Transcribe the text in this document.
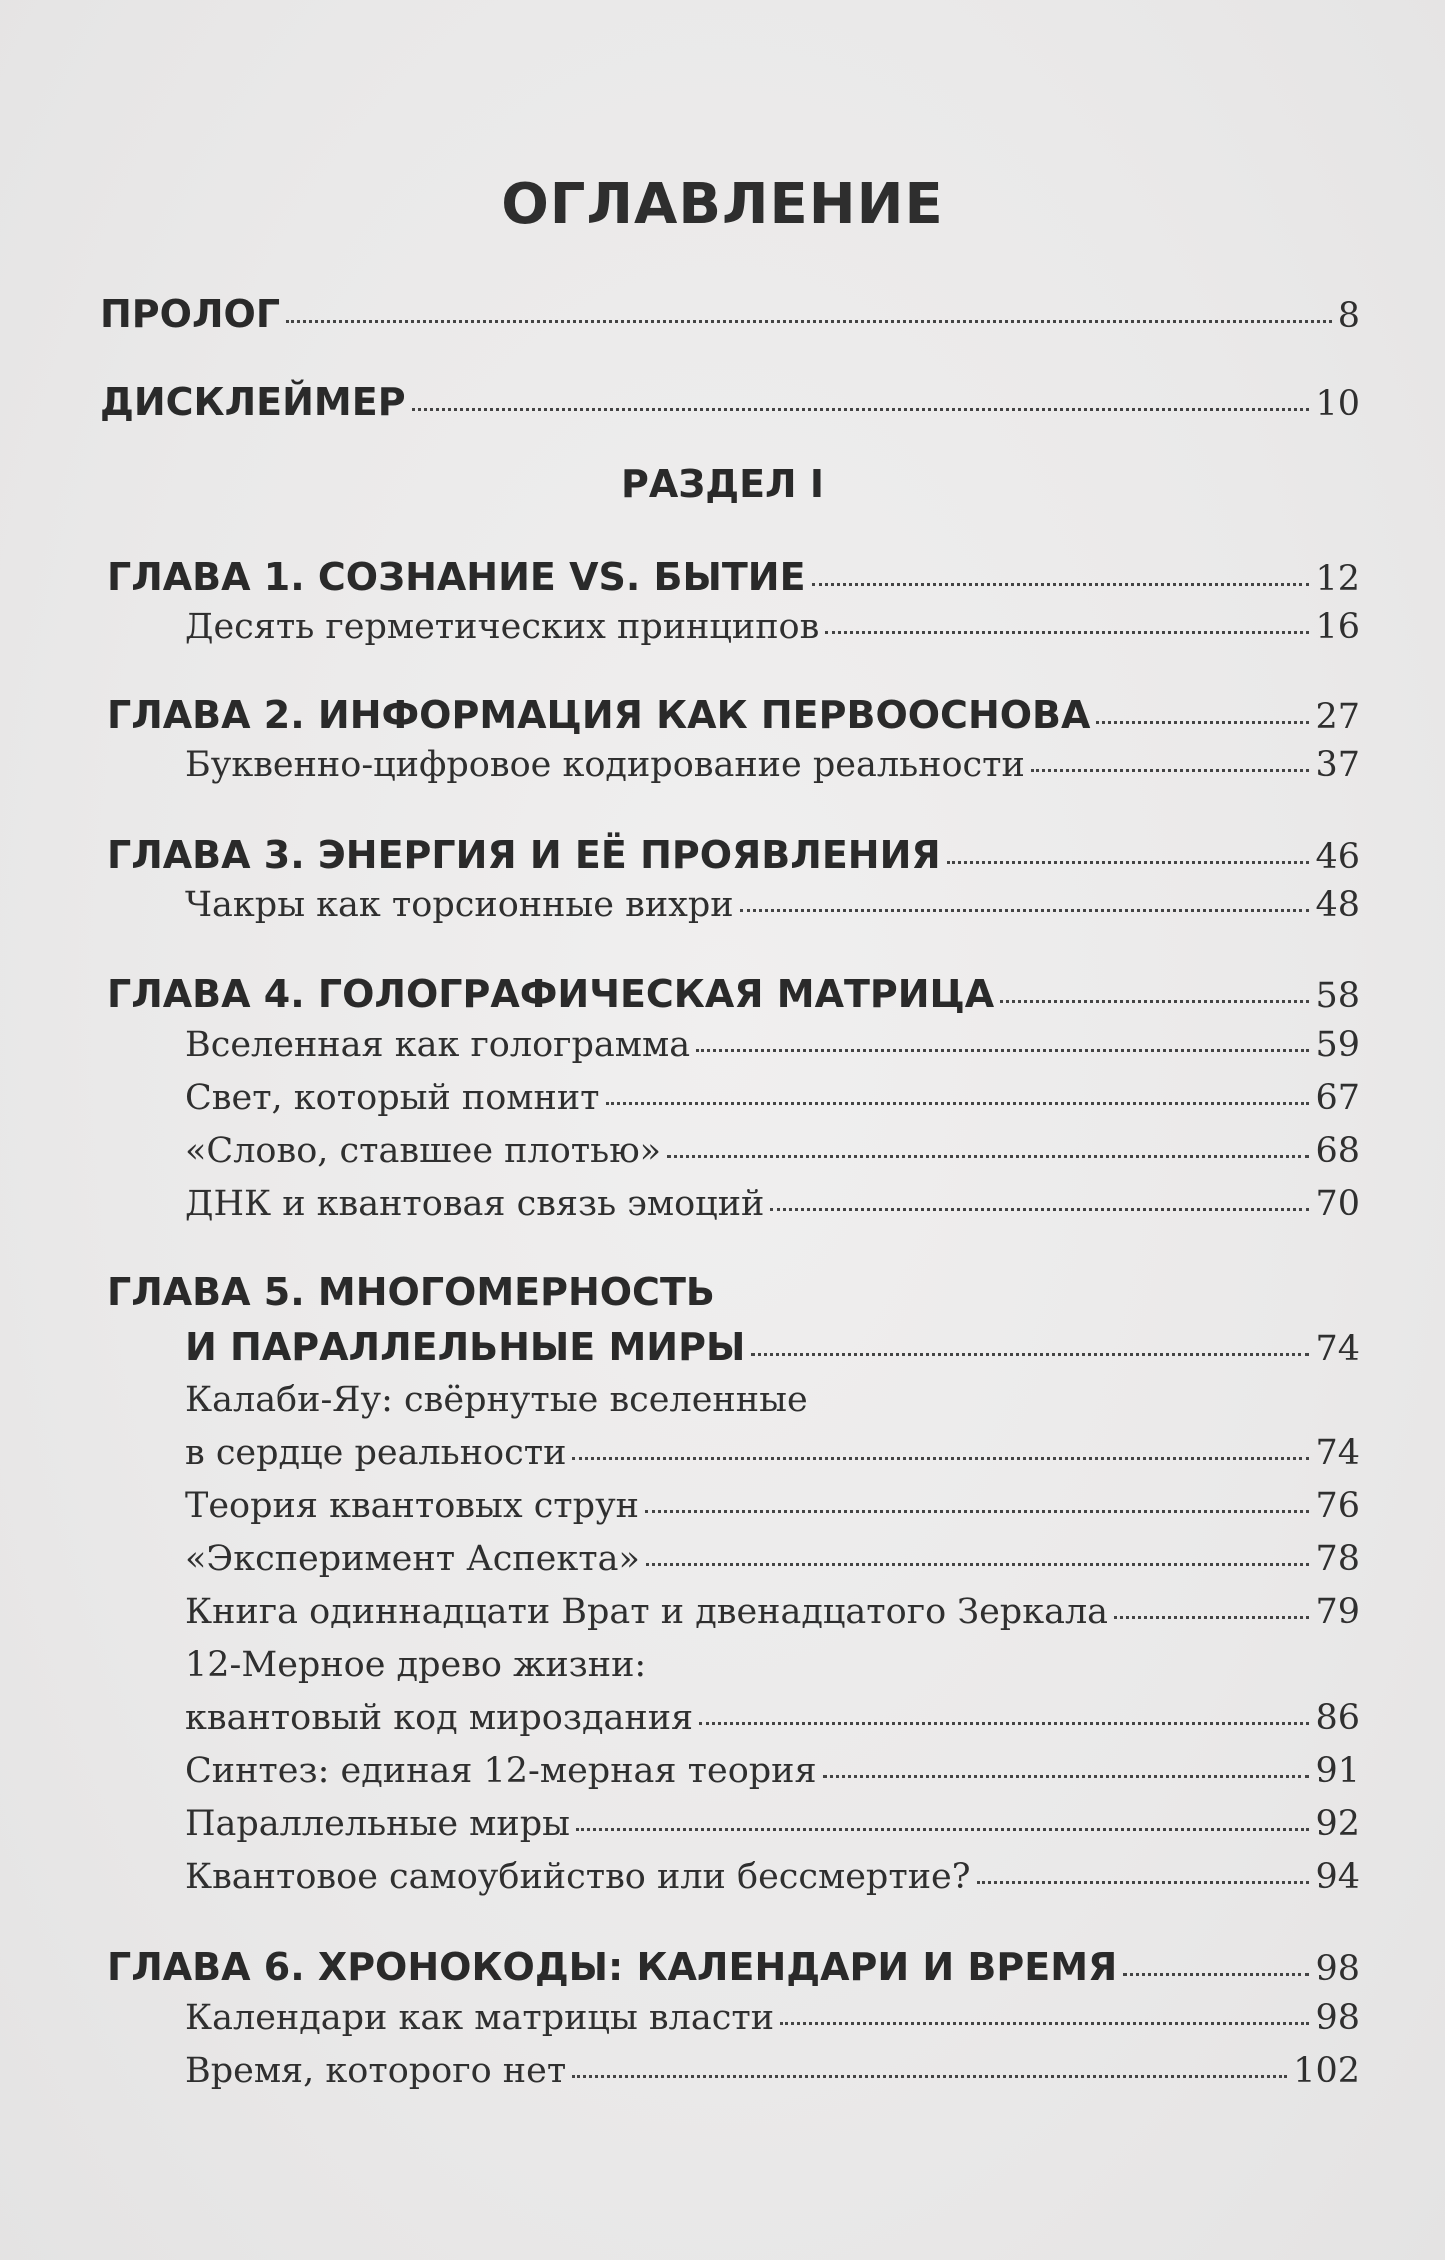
ОГЛАВЛЕНИЕ
ПРОЛОГ	8
ДИСКЛЕЙМЕР	10
РАЗДЕЛ I
ГЛАВА 1. СОЗНАНИЕ VS. БЫТИЕ	12
Десять герметических принципов	16
ГЛАВА 2. ИНФОРМАЦИЯ КАК ПЕРВООСНОВА	27
Буквенно-цифровое кодирование реальности	37
ГЛАВА 3. ЭНЕРГИЯ И ЕЁ ПРОЯВЛЕНИЯ	46
Чакры как торсионные вихри	48
ГЛАВА 4. ГОЛОГРАФИЧЕСКАЯ МАТРИЦА	58
Вселенная как голограмма	59
Свет, который помнит	67
«Слово, ставшее плотью»	68
ДНК и квантовая связь эмоций	70
ГЛАВА 5. МНОГОМЕРНОСТЬ
И ПАРАЛЛЕЛЬНЫЕ МИРЫ	74
Калаби-Яу: свёрнутые вселенные
в сердце реальности	74
Теория квантовых струн	76
«Эксперимент Аспекта»	78
Книга одиннадцати Врат и двенадцатого Зеркала	79
12-Мерное древо жизни:
квантовый код мироздания	86
Синтез: единая 12-мерная теория	91
Параллельные миры	92
Квантовое самоубийство или бессмертие?	94
ГЛАВА 6. ХРОНОКОДЫ: КАЛЕНДАРИ И ВРЕМЯ	98
Календари как матрицы власти	98
Время, которого нет	102
